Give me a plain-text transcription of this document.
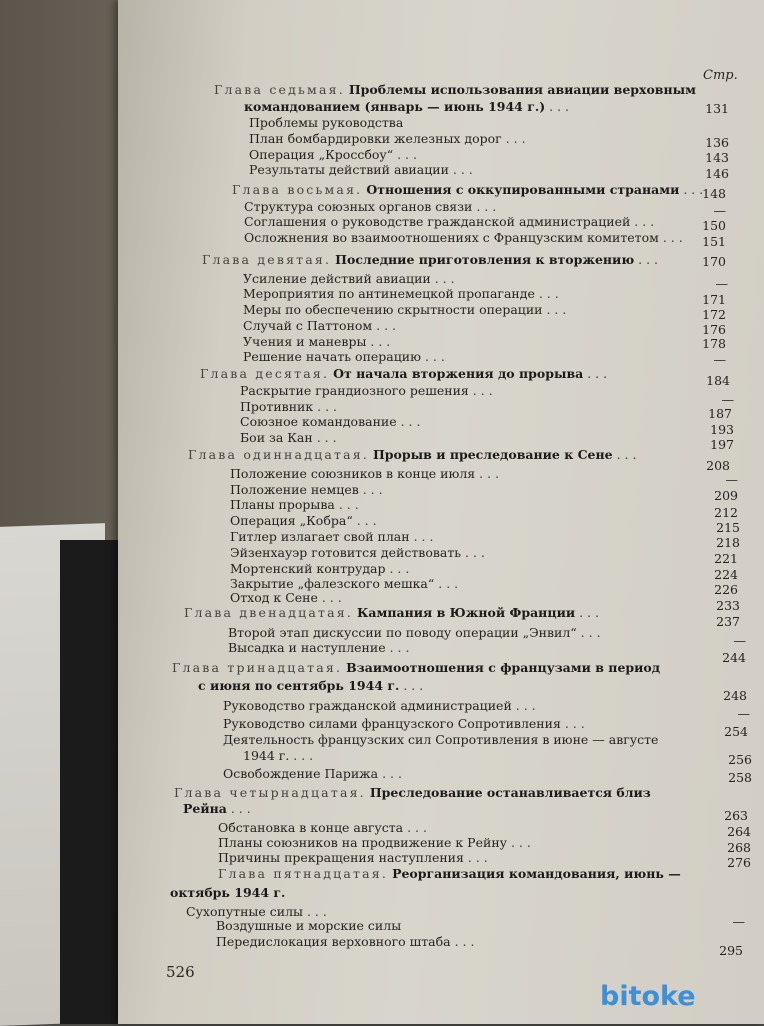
Стр.
Глава седьмая. Проблемы использования авиации верховным
131
командованием (январь — июнь 1944 г.) . . .
Проблемы руководства
136
План бомбардировки железных дорог . . .
143
Операция „Кроссбоу“ . . .
146
Результаты действий авиации . . .
148
Глава восьмая. Отношения с оккупированными странами . . .
—
Структура союзных органов связи . . .
150
Соглашения о руководстве гражданской администрацией . . .
151
Осложнения во взаимоотношениях с Французским комитетом . . .
170
Глава девятая. Последние приготовления к вторжению . . .
—
Усиление действий авиации . . .
171
Мероприятия по антинемецкой пропаганде . . .
172
Меры по обеспечению скрытности операции . . .
176
Случай с Паттоном . . .
178
Учения и маневры . . .
—
Решение начать операцию . . .
184
Глава десятая. От начала вторжения до прорыва . . .
—
Раскрытие грандиозного решения . . .
187
Противник . . .
193
Союзное командование . . .
197
Бои за Кан . . .
208
Глава одиннадцатая. Прорыв и преследование к Сене . . .
—
Положение союзников в конце июля . . .
209
Положение немцев . . .
212
Планы прорыва . . .
215
Операция „Кобра“ . . .
218
Гитлер излагает свой план . . .
221
Эйзенхауэр готовится действовать . . .
224
Мортенский контрудар . . .
226
Закрытие „фалезского мешка“ . . .
233
Отход к Сене . . .
237
Глава двенадцатая. Кампания в Южной Франции . . .
—
Второй этап дискуссии по поводу операции „Энвил“ . . .
244
Высадка и наступление . . .
Глава тринадцатая. Взаимоотношения с французами в период
248
с июня по сентябрь 1944 г. . . .
—
Руководство гражданской администрацией . . .
254
Руководство силами французского Сопротивления . . .
Деятельность французских сил Сопротивления в июне — августе
256
1944 г. . . .
258
Освобождение Парижа . . .
Глава четырнадцатая. Преследование останавливается близ
263
Рейна . . .
264
Обстановка в конце августа . . .
268
Планы союзников на продвижение к Рейну . . .
276
Причины прекращения наступления . . .
Глава пятнадцатая. Реорганизация командования, июнь —
октябрь 1944 г.
—
Сухопутные силы . . .
Воздушные и морские силы
295
Передислокация верховного штаба . . .
526
bitoke
